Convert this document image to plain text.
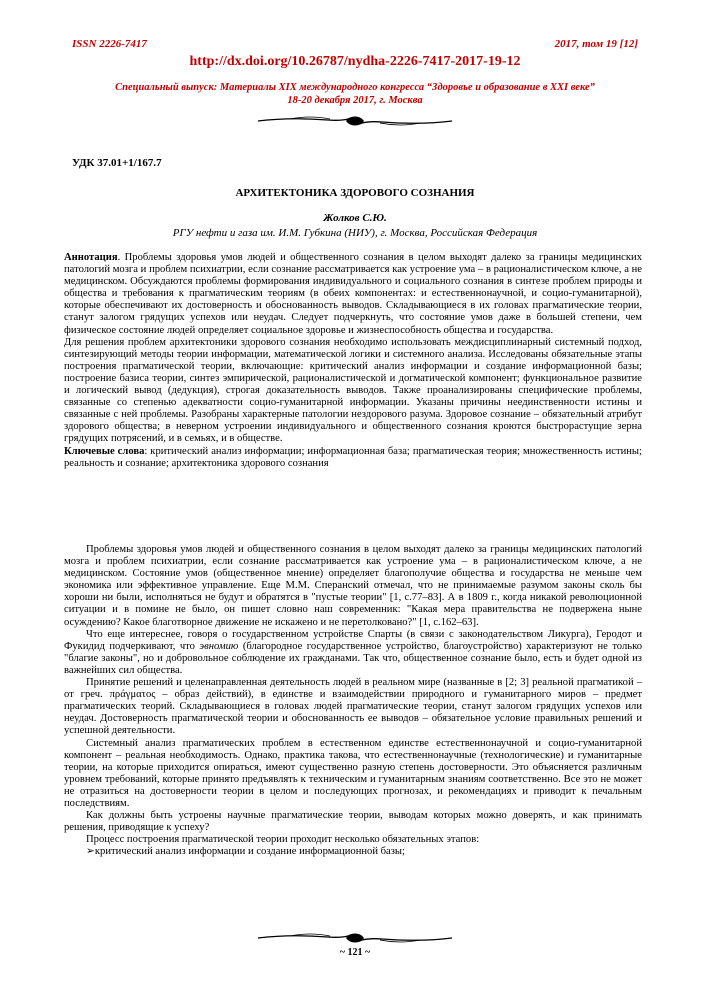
ISSN 2226-7417	2017, том 19 [12]
http://dx.doi.org/10.26787/nydha-2226-7417-2017-19-12
Специальный выпуск: Материалы XIX международного конгресса “Здоровье и образование в XXI веке”
18-20 декабря 2017, г. Москва
УДК 37.01+1/167.7
АРХИТЕКТОНИКА ЗДОРОВОГО СОЗНАНИЯ
Жолков С.Ю.
РГУ нефти и газа им. И.М. Губкина (НИУ), г. Москва, Российская Федерация

Аннотация. Проблемы здоровья умов людей и общественного сознания в целом выходят далеко за границы медицинских патологий мозга и проблем психиатрии, если сознание рассматривается как устроение ума – в рационалистическом ключе, а не медицинском. Обсуждаются проблемы формирования индивидуального и социального сознания в синтезе проблем природы и общества и требования к прагматическим теориям (в обеих компонентах: и естественнонаучной, и социо-гуманитарной), которые обеспечивают их достоверность и обоснованность выводов. Складывающиеся в их головах прагматические теории, станут залогом грядущих успехов или неудач. Следует подчеркнуть, что состояние умов даже в большей степени, чем физическое состояние людей определяет социальное здоровье и жизнеспособность общества и государства.

Для решения проблем архитектоники здорового сознания необходимо использовать междисциплинарный системный подход, синтезирующий методы теории информации, математической логики и системного анализа. Исследованы обязательные этапы построения прагматической теории, включающие: критический анализ информации и создание информационной базы; построение базиса теории, синтез эмпирической, рационалистической и догматической компонент; функциональное развитие и логический вывод (дедукция), строгая доказательность выводов. Также проанализированы специфические проблемы, связанные со степенью адекватности социо-гуманитарной информации. Указаны причины неединственности истины и связанные с ней проблемы. Разобраны характерные патологии нездорового разума. Здоровое сознание – обязательный атрибут здорового общества; в неверном устроении индивидуального и общественного сознания кроются быстрорастущие зерна грядущих потрясений, и в семьях, и в обществе.

Ключевые слова: критический анализ информации; информационная база; прагматическая теория; множественность истины; реальность и сознание; архитектоника здорового сознания

Проблемы здоровья умов людей и общественного сознания в целом выходят далеко за границы медицинских патологий мозга и проблем психиатрии, если сознание рассматривается как устроение ума – в рационалистическом ключе, а не медицинском. Состояние умов (общественное мнение) определяет благополучие общества и государства не меньше чем экономика или эффективное управление. Еще М.М. Сперанский отмечал, что не принимаемые разумом законы сколь бы хороши ни были, исполняться не будут и обратятся в "пустые теории" [1, с.77–83]. А в 1809 г., когда никакой революционной ситуации и в помине не было, он пишет словно наш современник: "Какая мера правительства не подвержена ныне осуждению? Какое благотворное движение не искажено и не перетолковано?" [1, с.162–63].

Что еще интереснее, говоря о государственном устройстве Спарты (в связи с законодательством Ликурга), Геродот и Фукидид подчеркивают, что эвномию (благородное государственное устройство, благоустройство) характеризуют не только "благие законы", но и добровольное соблюдение их гражданами. Так что, общественное сознание было, есть и будет одной из важнейших сил общества.

Принятие решений и целенаправленная деятельность людей в реальном мире (названные в [2; 3] реальной прагматикой – от греч. πράγματος – образ действий), в единстве и взаимодействии природного и гуманитарного миров – предмет прагматических теорий. Складывающиеся в головах людей прагматические теории, станут залогом грядущих успехов или неудач. Достоверность прагматической теории и обоснованность ее выводов – обязательное условие правильных решений и успешной деятельности.

Системный анализ прагматических проблем в естественном единстве естественнонаучной и социо-гуманитарной компонент – реальная необходимость. Однако, практика такова, что естественнонаучные (технологические) и гуманитарные теории, на которые приходится опираться, имеют существенно разную степень достоверности. Это объясняется различным уровнем требований, которые принято предъявлять к техническим и гуманитарным знаниям соответственно. Все это не может не отразиться на достоверности теории в целом и последующих прогнозах, и рекомендациях и приводит к печальным последствиям.

Как должны быть устроены научные прагматические теории, выводам которых можно доверять, и как принимать решения, приводящие к успеху?

Процесс построения прагматической теории проходит несколько обязательных этапов:

➢критический анализ информации и создание информационной базы;

~ 121 ~
